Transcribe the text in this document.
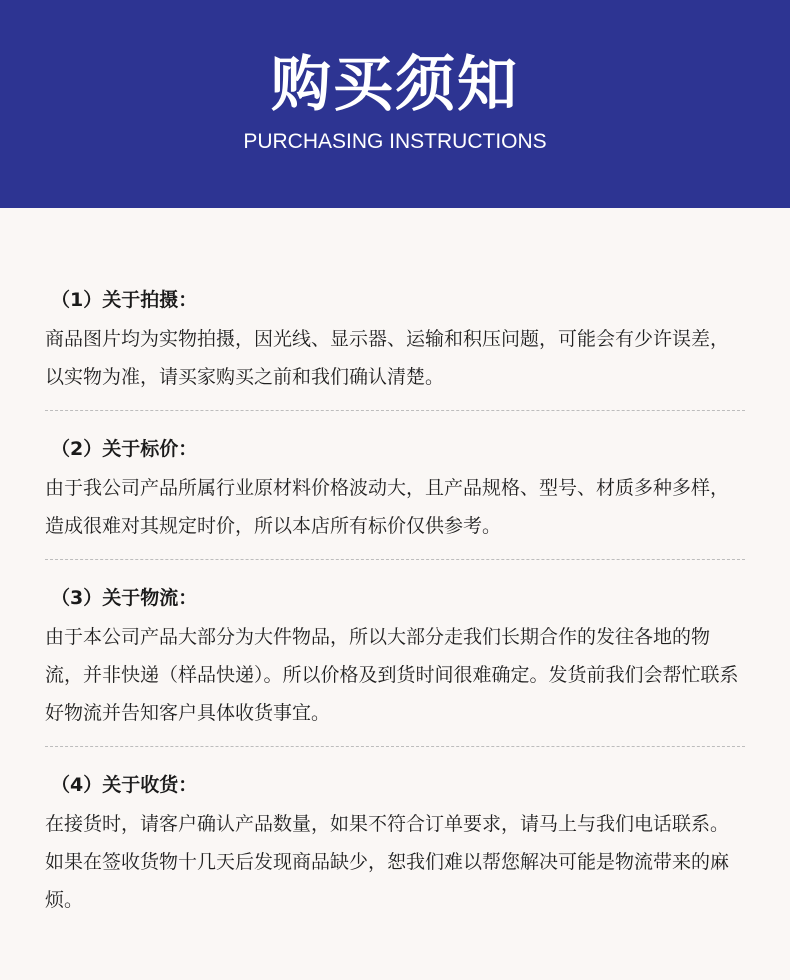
购买须知
PURCHASING INSTRUCTIONS
（1）关于拍摄：
商品图片均为实物拍摄，因光线、显示器、运输和积压问题，可能会有少许误差，以实物为准，请买家购买之前和我们确认清楚。
（2）关于标价：
由于我公司产品所属行业原材料价格波动大，且产品规格、型号、材质多种多样，造成很难对其规定时价，所以本店所有标价仅供参考。
（3）关于物流：
由于本公司产品大部分为大件物品，所以大部分走我们长期合作的发往各地的物流，并非快递（样品快递）。所以价格及到货时间很难确定。发货前我们会帮忙联系好物流并告知客户具体收货事宜。
（4）关于收货：
在接货时，请客户确认产品数量，如果不符合订单要求，请马上与我们电话联系。如果在签收货物十几天后发现商品缺少，恕我们难以帮您解决可能是物流带来的麻烦。
